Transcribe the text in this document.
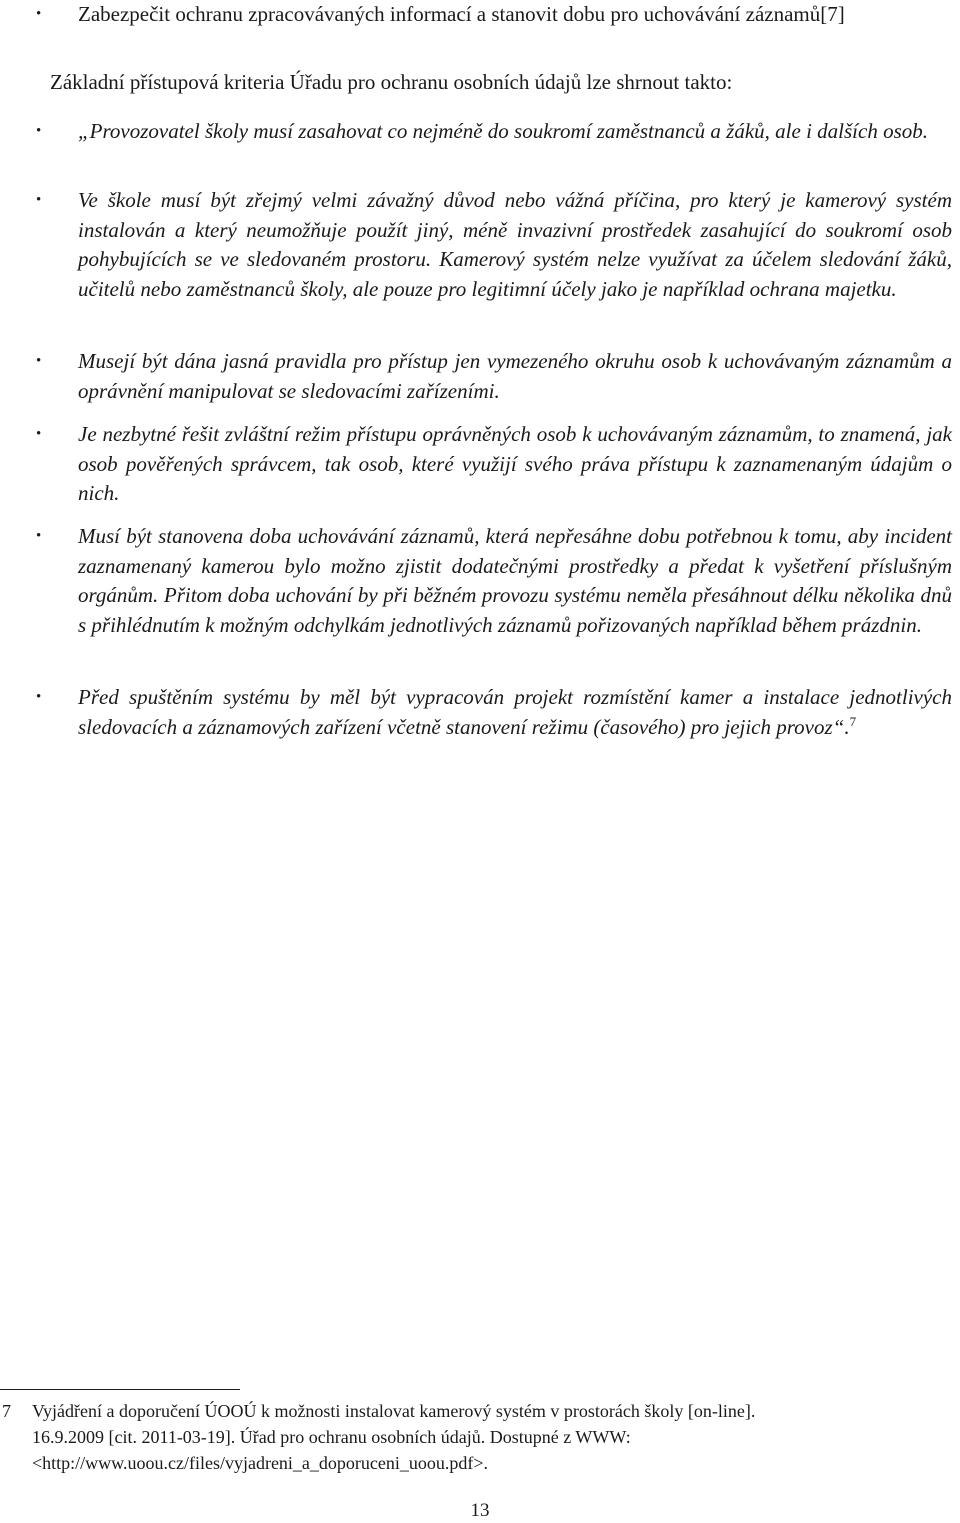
• Zabezpečit ochranu zpracovávaných informací a stanovit dobu pro uchovávání záznamů[7]
Základní přístupová kriteria Úřadu pro ochranu osobních údajů lze shrnout takto:
• „Provozovatel školy musí zasahovat co nejméně do soukromí zaměstnanců a žáků, ale i dalších osob.
• Ve škole musí být zřejmý velmi závažný důvod nebo vážná příčina, pro který je kamerový systém instalován a který neumožňuje použít jiný, méně invazivní prostředek zasahující do soukromí osob pohybujících se ve sledovaném prostoru. Kamerový systém nelze využívat za účelem sledování žáků, učitelů nebo zaměstnanců školy, ale pouze pro legitimní účely jako je například ochrana majetku.
• Musejí být dána jasná pravidla pro přístup jen vymezeného okruhu osob k uchovávaným záznamům a oprávnění manipulovat se sledovacími zařízeními.
• Je nezbytné řešit zvláštní režim přístupu oprávněných osob k uchovávaným záznamům, to znamená, jak osob pověřených správcem, tak osob, které využijí svého práva přístupu k zaznamenaným údajům o nich.
• Musí být stanovena doba uchovávání záznamů, která nepřesáhne dobu potřebnou k tomu, aby incident zaznamenaný kamerou bylo možno zjistit dodatečnými prostředky a předat k vyšetření příslušným orgánům. Přitom doba uchování by při běžném provozu systému neměla přesáhnout délku několika dnů s přihlédnutím k možným odchylkám jednotlivých záznamů pořizovaných například během prázdnin.
• Před spuštěním systému by měl být vypracován projekt rozmístění kamer a instalace jednotlivých sledovacích a záznamových zařízení včetně stanovení režimu (časového) pro jejich provoz“.$^7$
7 Vyjádření a doporučení ÚOOÚ k možnosti instalovat kamerový systém v prostorách školy [on-line].
16.9.2009 [cit. 2011-03-19]. Úřad pro ochranu osobních údajů. Dostupné z WWW:
<http://www.uoou.cz/files/vyjadreni_a_doporuceni_uoou.pdf>.
13
